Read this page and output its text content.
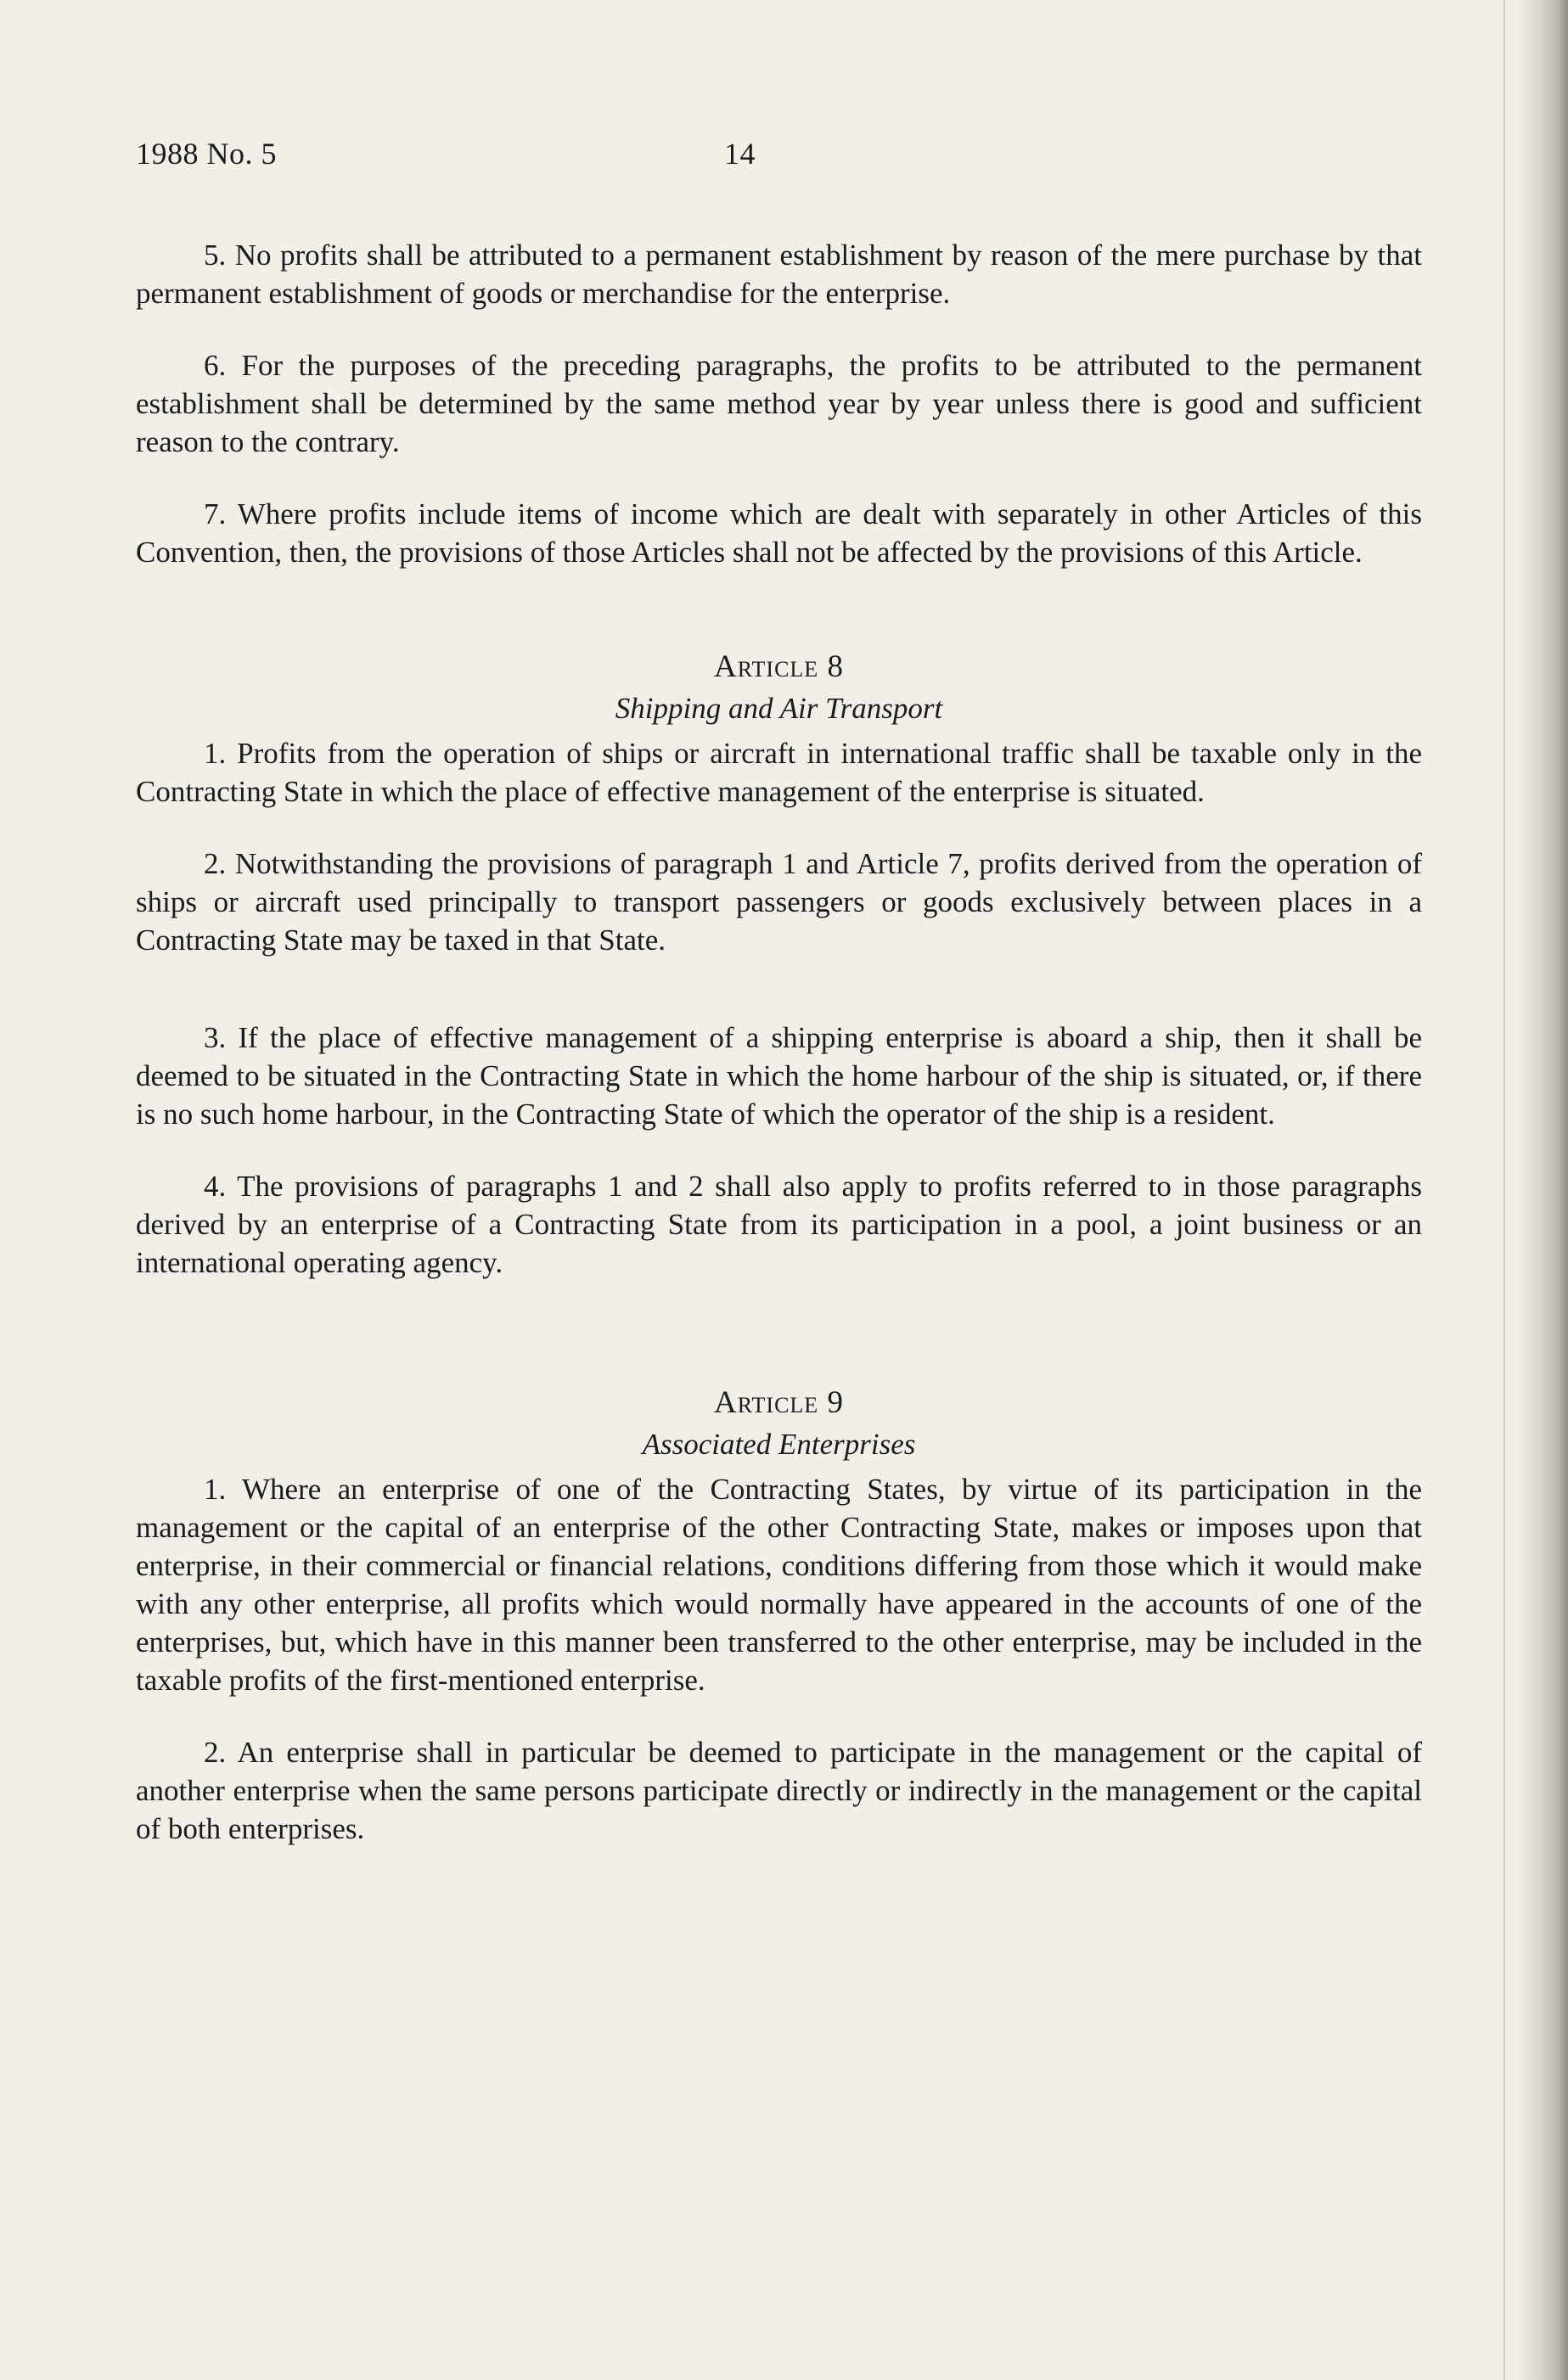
1988 No. 5	14

5. No profits shall be attributed to a permanent establishment by reason of the mere purchase by that permanent establishment of goods or merchandise for the enterprise.

6. For the purposes of the preceding paragraphs, the profits to be attributed to the permanent establishment shall be determined by the same method year by year unless there is good and sufficient reason to the contrary.

7. Where profits include items of income which are dealt with separately in other Articles of this Convention, then, the provisions of those Articles shall not be affected by the provisions of this Article.

Article 8

Shipping and Air Transport

1. Profits from the operation of ships or aircraft in international traffic shall be taxable only in the Contracting State in which the place of effective management of the enterprise is situated.

2. Notwithstanding the provisions of paragraph 1 and Article 7, profits derived from the operation of ships or aircraft used principally to transport passengers or goods exclusively between places in a Contracting State may be taxed in that State.

3. If the place of effective management of a shipping enterprise is aboard a ship, then it shall be deemed to be situated in the Contracting State in which the home harbour of the ship is situated, or, if there is no such home harbour, in the Contracting State of which the operator of the ship is a resident.

4. The provisions of paragraphs 1 and 2 shall also apply to profits referred to in those paragraphs derived by an enterprise of a Contracting State from its participation in a pool, a joint business or an international operating agency.

Article 9

Associated Enterprises

1. Where an enterprise of one of the Contracting States, by virtue of its participation in the management or the capital of an enterprise of the other Contracting State, makes or imposes upon that enterprise, in their commercial or financial relations, conditions differing from those which it would make with any other enterprise, all profits which would normally have appeared in the accounts of one of the enterprises, but, which have in this manner been transferred to the other enterprise, may be included in the taxable profits of the first-mentioned enterprise.

2. An enterprise shall in particular be deemed to participate in the management or the capital of another enterprise when the same persons participate directly or indirectly in the management or the capital of both enterprises.
